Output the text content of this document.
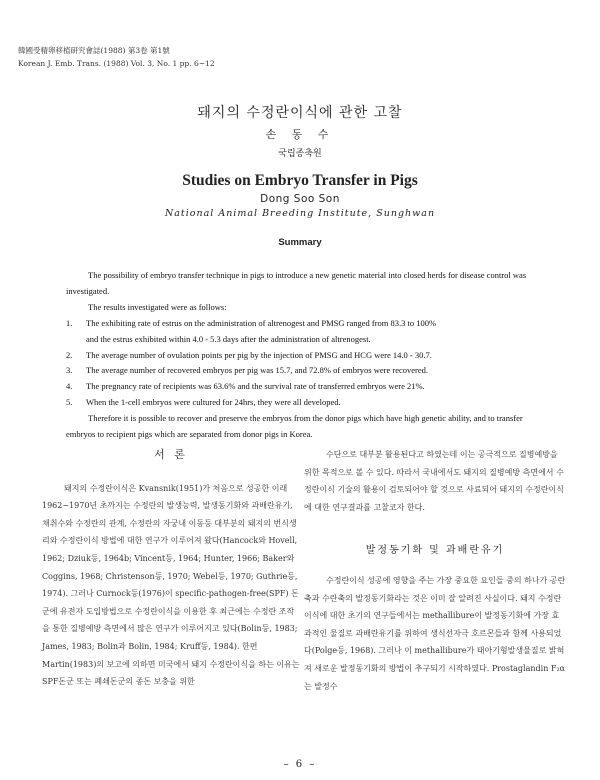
韓國受精卵移植研究會誌(1988) 第3卷 第1號
Korean J. Emb. Trans. (1988) Vol. 3, No. 1 pp. 6~12
돼지의 수정란이식에 관한 고찰
손 동 수
국립종축원
Studies on Embryo Transfer in Pigs
Dong Soo Son
National Animal Breeding Institute, Sunghwan
Summary

The possibility of embryo transfer technique in pigs to introduce a new genetic material into closed herds for disease control was investigated.

The results investigated were as follows:

1.	The exhibiting rate of estrus on the administration of altrenogest and PMSG ranged from 83.3 to 100%

and the estrus exhibited within 4.0 - 5.3 days after the administration of altrenogest.

2.	The average number of ovulation points per pig by the injection of PMSG and HCG were 14.0 - 30.7.
3.	The average number of recovered embryos per pig was 15.7, and 72.8% of embryos were recovered.
4.	The pregnancy rate of recipients was 63.6% and the survival rate of transferred embryos were 21%.
5.	When the 1-cell embryos were cultured for 24hrs, they were all developed.

Therefore it is possible to recover and preserve the embryos from the donor pigs which have high genetic ability, and to transfer embryos to recipient pigs which are separated from donor pigs in Korea.

서 론

돼지의 수정란이식은 Kvansnik(1951)가 처음으로 성공한 이래 1962~1970년 초까지는 수정란의 발생능력, 발생동기화와 과배란유기, 채취수와 수정란의 관계, 수정란의 자궁내 이동등 대부분의 돼지의 번식생리와 수정란이식 방법에 대한 연구가 이루어져 왔다(Hancock와 Hovell, 1962; Dziuk등, 1964b; Vincent등, 1964; Hunter, 1966; Baker와 Coggins, 1968; Christenson등, 1970; Webel등, 1970; Guthrie등, 1974). 그러나 Curnock등(1976)이 specific-pathogen-free(SPF) 돈군에 유전자 도입방법으로 수정란이식을 이용한 후 최근에는 수정란 조작을 통한 질병예방 측면에서 많은 연구가 이루어지고 있다(Bolin등, 1983; James, 1983; Bolin과 Bolin, 1984; Kruff등, 1984). 한편 Martin(1983)의 보고에 의하면 미국에서 돼지 수정란이식을 하는 이유는 SPF돈군 또는 폐쇄돈군의 종돈 보충을 위한

수단으로 대부분 활용된다고 하였는데 이는 공극적으로 질병예방을 위한 목적으로 볼 수 있다. 따라서 국내에서도 돼지의 질병예방 측면에서 수정란이식 기술의 활용이 검토되어야 할 것으로 사료되어 돼지의 수정란이식에 대한 연구결과를 고찰코자 한다.

발정동기화 및 과배란유기

수정란이식 성공에 영향을 주는 가장 중요한 요인들 중의 하나가 공란축과 수란축의 발정동기화라는 것은 이미 잘 알려진 사실이다. 돼지 수정란이식에 대한 초기의 연구들에서는 methallibure이 발정동기화에 가장 효과적인 물질로 과배란유기를 위하여 생식선자극 호르몬들과 함께 사용되었다(Polge등, 1968). 그러나 이 methallibure가 태아기형발생물질로 밝혀져 새로운 발정동기화의 방법이 추구되기 시작하였다. Prostaglandin F₂α는 발정수

– 6 –
